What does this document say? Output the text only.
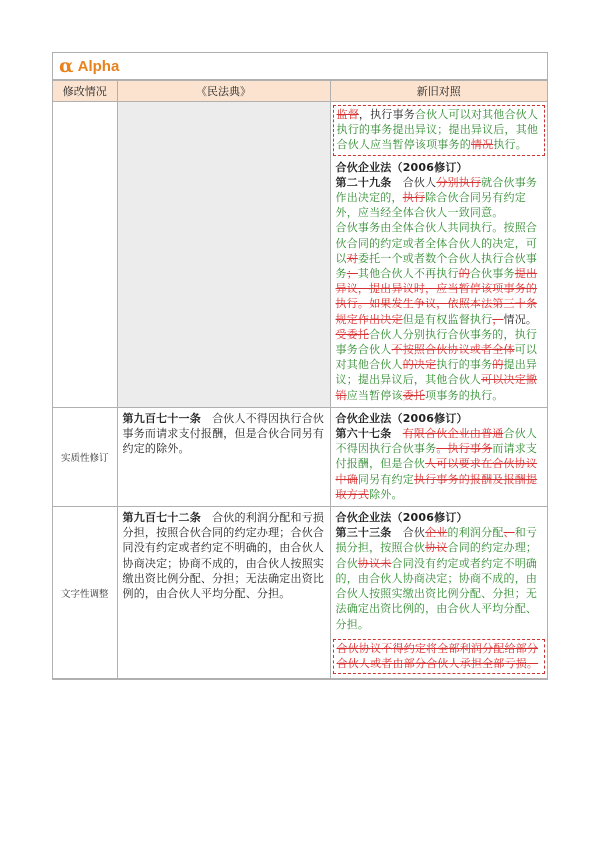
α Alpha
修改情况	《民法典》	新旧对照

		监督，执行事务合伙人可以对其他合伙人执行的事务提出异议；提出异议后，其他合伙人应当暂停该项事务的情况执行。
合伙企业法（2006修订）
第二十九条　合伙人分别执行就合伙事务作出决定的，执行除合伙合同另有约定外，应当经全体合伙人一致同意。
合伙事务由全体合伙人共同执行。按照合伙合同的约定或者全体合伙人的决定，可以对委托一个或者数个合伙人执行合伙事务；其他合伙人不再执行的合伙事务提出异议，提出异议时，应当暂停该项事务的执行。如果发生争议，依照本法第三十条规定作出决定但是有权监督执行，情况。
受委托合伙人分别执行合伙事务的，执行事务合伙人不按照合伙协议或者全体可以对其他合伙人的决定执行的事务的提出异议；提出异议后，其他合伙人可以决定撤销应当暂停该委托项事务的执行。

实质性修订	第九百七十一条　合伙人不得因执行合伙事务而请求支付报酬，但是合伙合同另有约定的除外。	合伙企业法（2006修订）
第六十七条　 有限合伙企业由普通合伙人不得因执行合伙事务。执行事务而请求支付报酬，但是合伙人可以要求在合伙协议中确同另有约定执行事务的报酬及报酬提取方式除外。

文字性调整	第九百七十二条　合伙的利润分配和亏损分担，按照合伙合同的约定办理；合伙合同没有约定或者约定不明确的，由合伙人协商决定；协商不成的，由合伙人按照实缴出资比例分配、分担；无法确定出资比例的，由合伙人平均分配、分担。	合伙企业法（2006修订）
第三十三条　合伙企业的利润分配、和亏损分担，按照合伙协议合同的约定办理；合伙协议未合同没有约定或者约定不明确的，由合伙人协商决定；协商不成的，由合伙人按照实缴出资比例分配、分担；无法确定出资比例的，由合伙人平均分配、分担。
合伙协议不得约定将全部利润分配给部分合伙人或者由部分合伙人承担全部亏损。
